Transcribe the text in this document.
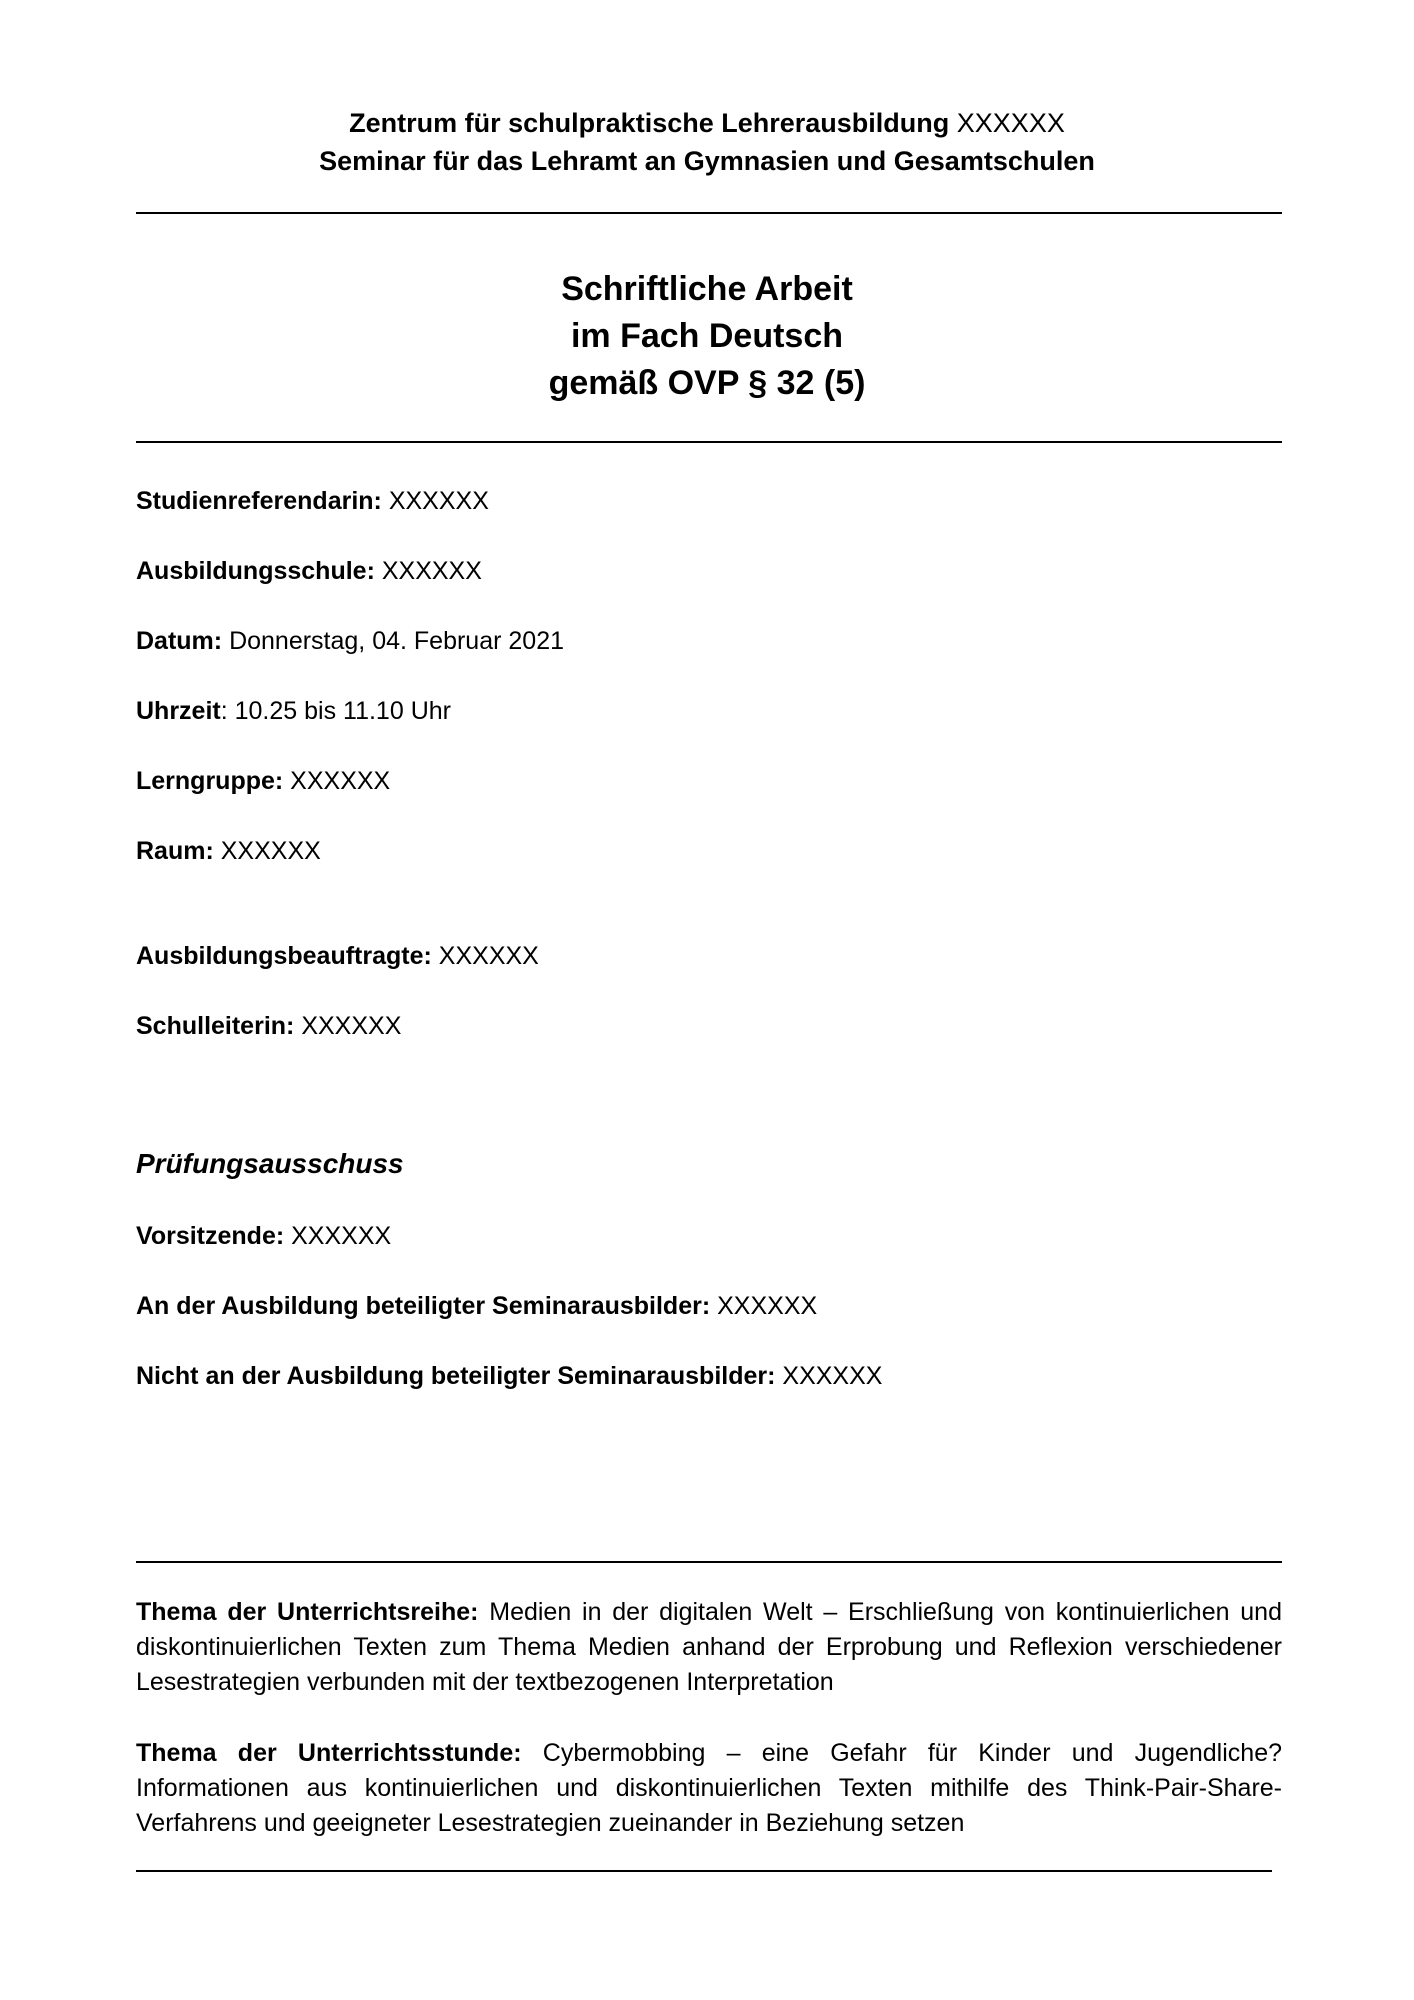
Zentrum für schulpraktische Lehrerausbildung XXXXXX
Seminar für das Lehramt an Gymnasien und Gesamtschulen
Schriftliche Arbeit
im Fach Deutsch
gemäß OVP § 32 (5)
Studienreferendarin: XXXXXX
Ausbildungsschule: XXXXXX
Datum: Donnerstag, 04. Februar 2021
Uhrzeit: 10.25 bis 11.10 Uhr
Lerngruppe: XXXXXX
Raum: XXXXXX
Ausbildungsbeauftragte: XXXXXX
Schulleiterin: XXXXXX
Prüfungsausschuss
Vorsitzende: XXXXXX
An der Ausbildung beteiligter Seminarausbilder: XXXXXX
Nicht an der Ausbildung beteiligter Seminarausbilder: XXXXXX
Thema der Unterrichtsreihe: Medien in der digitalen Welt – Erschließung von kontinuierlichen und diskontinuierlichen Texten zum Thema Medien anhand der Erprobung und Reflexion verschiedener Lesestrategien verbunden mit der textbezogenen Interpretation
Thema der Unterrichtsstunde: Cybermobbing – eine Gefahr für Kinder und Jugendliche? Informationen aus kontinuierlichen und diskontinuierlichen Texten mithilfe des Think-Pair-Share-Verfahrens und geeigneter Lesestrategien zueinander in Beziehung setzen
